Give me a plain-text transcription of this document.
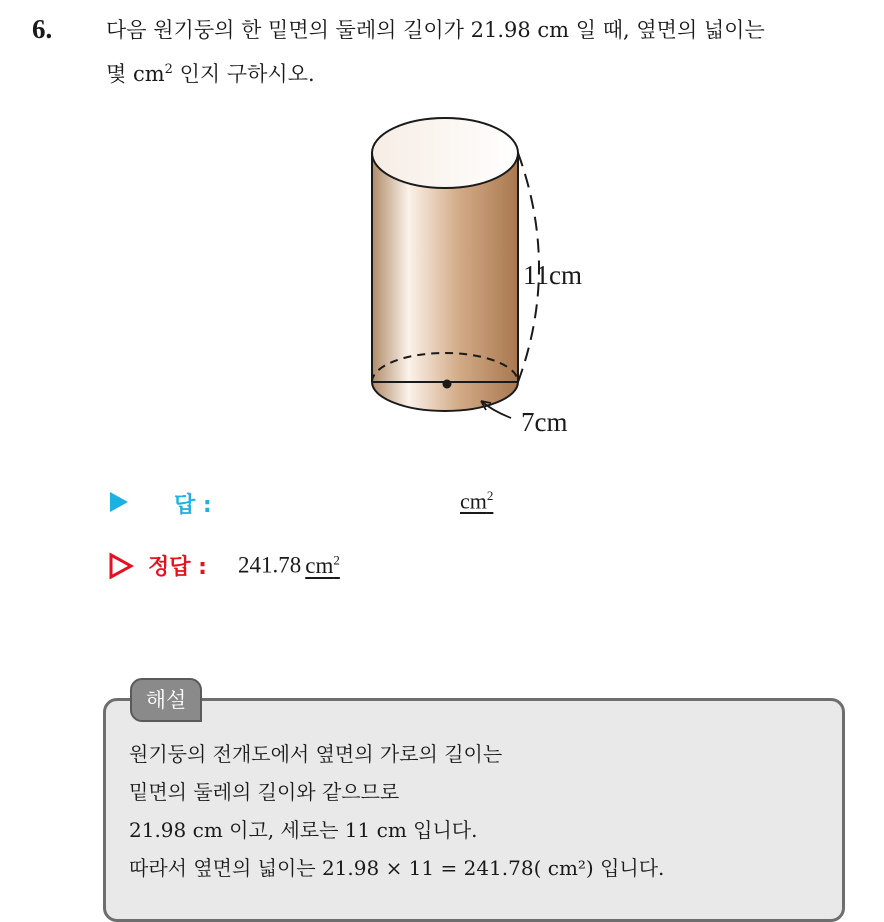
6.	다음 원기둥의 한 밑면의 둘레의 길이가 21.98 cm 일 때, 옆면의 넓이는
몇 $cm^2$ 인지 구하시오.
11cm
7cm
답 :	$cm^2$
정답 : 241.78 $cm^2$
원기둥의 전개도에서 옆면의 가로의 길이는
밑면의 둘레의 길이와 같으므로
21.98 cm 이고, 세로는 11 cm 입니다.
따라서 옆면의 넓이는 21.98 × 11 = 241.78( cm²) 입니다.
해설
